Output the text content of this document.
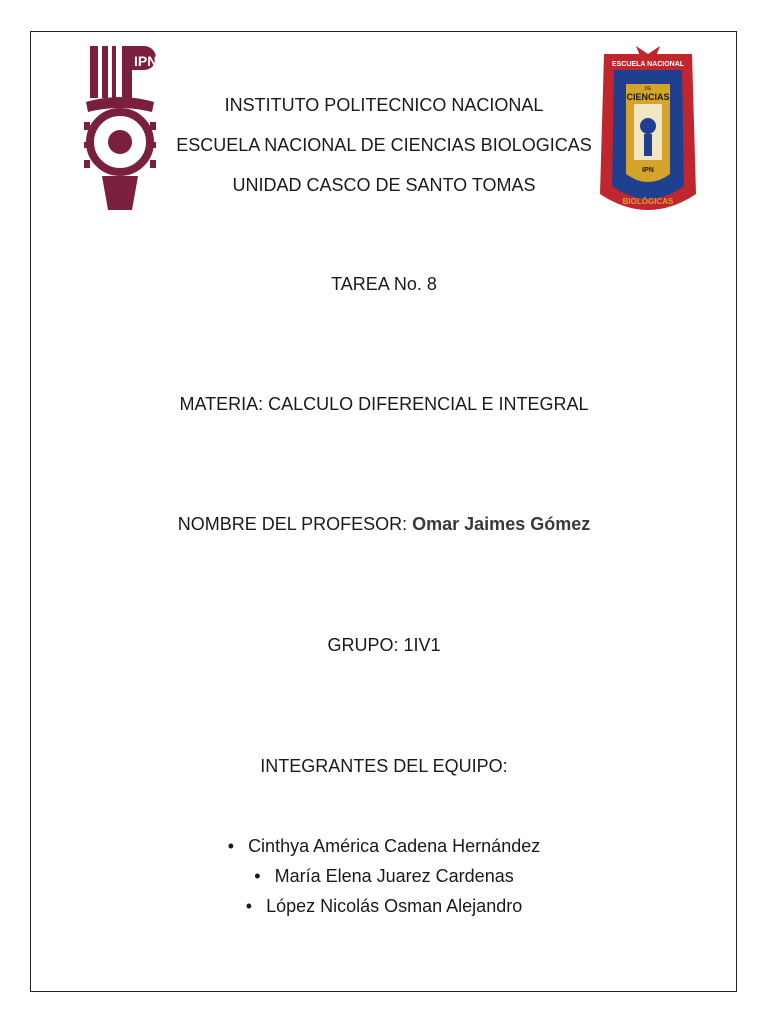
IPN	ESCUELA NACIONAL
DE
CIENCIAS
IPN
BIOLÓGICAS
INSTITUTO POLITECNICO NACIONAL
ESCUELA NACIONAL DE CIENCIAS BIOLOGICAS
UNIDAD CASCO DE SANTO TOMAS
TAREA No. 8
MATERIA: CALCULO DIFERENCIAL E INTEGRAL
NOMBRE DEL PROFESOR: Omar Jaimes Gómez
GRUPO: 1IV1
INTEGRANTES DEL EQUIPO:
• Cinthya América Cadena Hernández
• María Elena Juarez Cardenas
• López Nicolás Osman Alejandro
